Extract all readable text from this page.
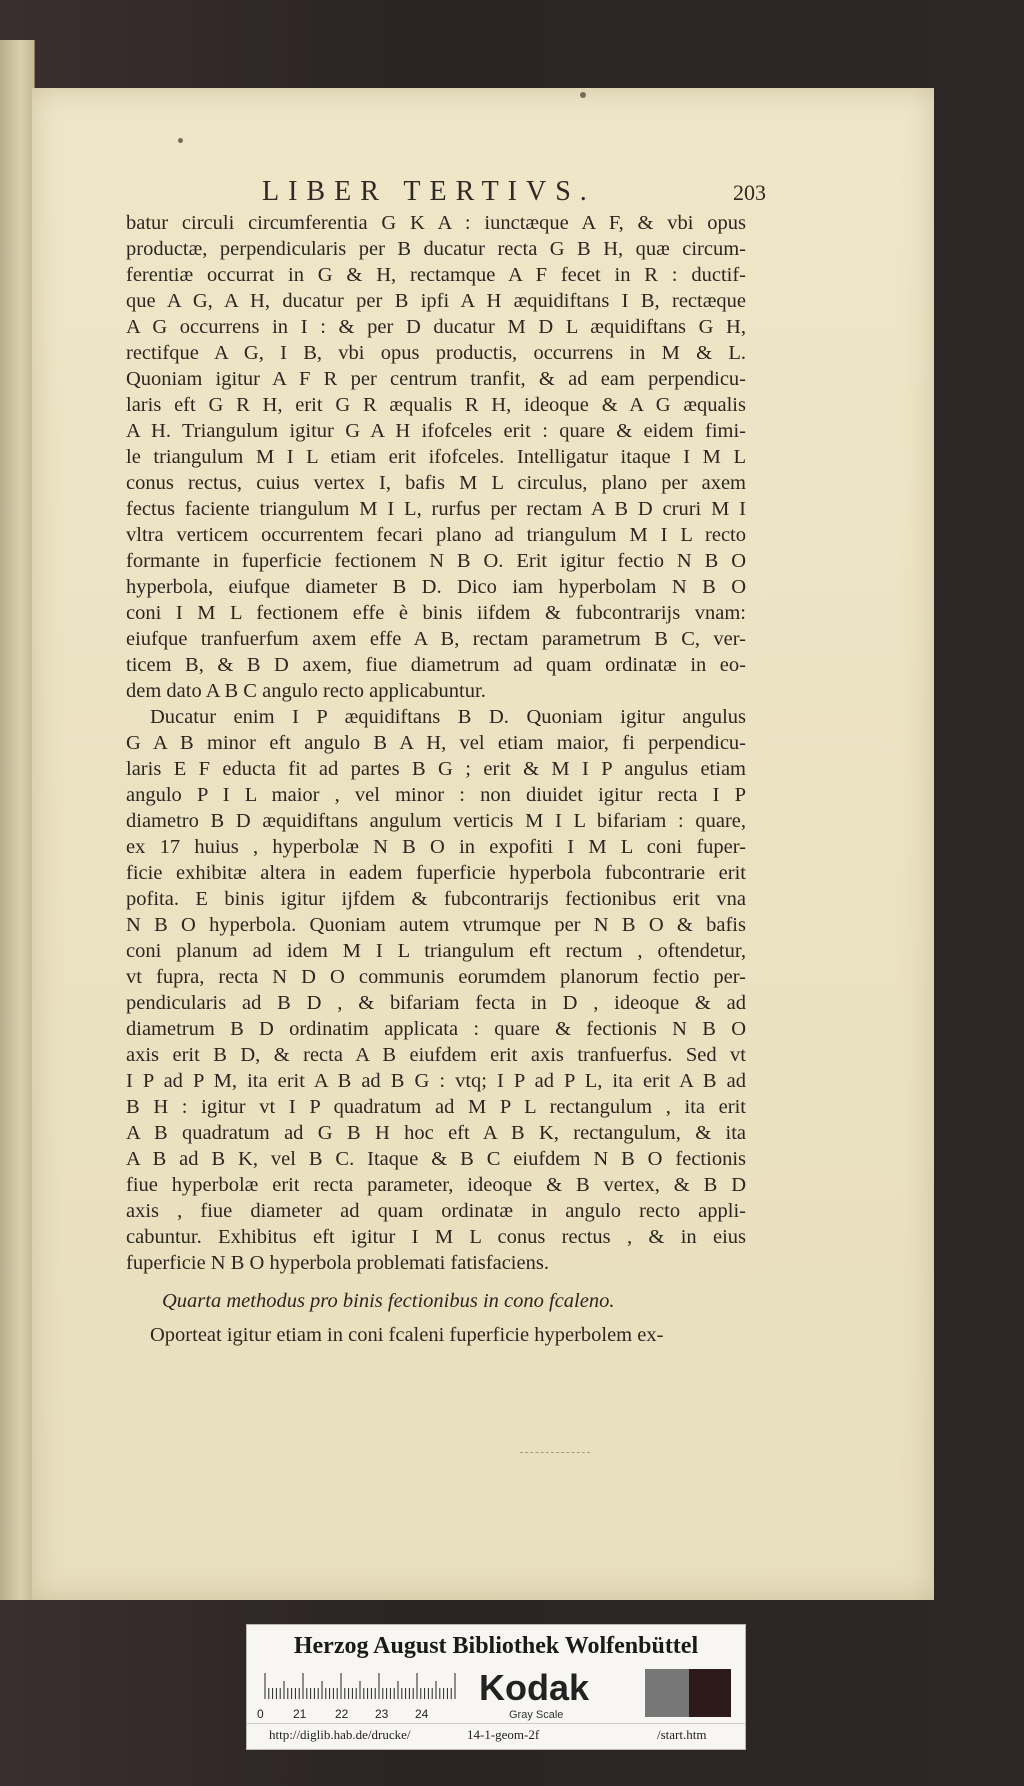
LIBER TERTIVS.	203
batur circuli circumferentia G K A : iunctæque A F, & vbi opus
productæ, perpendicularis per B ducatur recta G B H, quæ circum-
ferentiæ occurrat in G & H, rectamque A F fecet in R : ductif-
que A G, A H, ducatur per B ipfi A H æquidiftans I B, rectæque
A G occurrens in I : & per D ducatur M D L æquidiftans G H,
rectifque A G, I B, vbi opus productis, occurrens in M & L.
Quoniam igitur A F R per centrum tranfit, & ad eam perpendicu-
laris eft G R H, erit G R æqualis R H, ideoque & A G æqualis
A H. Triangulum igitur G A H ifofceles erit : quare & eidem fimi-
le triangulum M I L etiam erit ifofceles. Intelligatur itaque I M L
conus rectus, cuius vertex I, bafis M L circulus, plano per axem
fectus faciente triangulum M I L, rurfus per rectam A B D cruri M I
vltra verticem occurrentem fecari plano ad triangulum M I L recto
formante in fuperficie fectionem N B O. Erit igitur fectio N B O
hyperbola, eiufque diameter B D. Dico iam hyperbolam N B O
coni I M L fectionem effe è binis iifdem & fubcontrarijs vnam:
eiufque tranfuerfum axem effe A B, rectam parametrum B C, ver-
ticem B, & B D axem, fiue diametrum ad quam ordinatæ in eo-
dem dato A B C angulo recto applicabuntur.
Ducatur enim I P æquidiftans B D. Quoniam igitur angulus
G A B minor eft angulo B A H, vel etiam maior, fi perpendicu-
laris E F educta fit ad partes B G ; erit & M I P angulus etiam
angulo P I L maior , vel minor : non diuidet igitur recta I P
diametro B D æquidiftans angulum verticis M I L bifariam : quare,
ex 17 huius , hyperbolæ N B O in expofiti I M L coni fuper-
ficie exhibitæ altera in eadem fuperficie hyperbola fubcontrarie erit
pofita. E binis igitur ijfdem & fubcontrarijs fectionibus erit vna
N B O hyperbola. Quoniam autem vtrumque per N B O & bafis
coni planum ad idem M I L triangulum eft rectum , oftendetur,
vt fupra, recta N D O communis eorumdem planorum fectio per-
pendicularis ad B D , & bifariam fecta in D , ideoque & ad
diametrum B D ordinatim applicata : quare & fectionis N B O
axis erit B D, & recta A B eiufdem erit axis tranfuerfus. Sed vt
I P ad P M, ita erit A B ad B G : vtq; I P ad P L, ita erit A B ad
B H : igitur vt I P quadratum ad M P L rectangulum , ita erit
A B quadratum ad G B H hoc eft A B K, rectangulum, & ita
A B ad B K, vel B C. Itaque & B C eiufdem N B O fectionis
fiue hyperbolæ erit recta parameter, ideoque & B vertex, & B D
axis , fiue diameter ad quam ordinatæ in angulo recto appli-
cabuntur. Exhibitus eft igitur I M L conus rectus , & in eius
fuperficie N B O hyperbola problemati fatisfaciens.
Quarta methodus pro binis fectionibus in cono fcaleno.
Oporteat igitur etiam in coni fcaleni fuperficie hyperbolem ex-
Herzog August Bibliothek Wolfenbüttel
0 21 22 23 24
Kodak
Gray Scale
http://diglib.hab.de/drucke/	14-1-geom-2f	/start.htm
